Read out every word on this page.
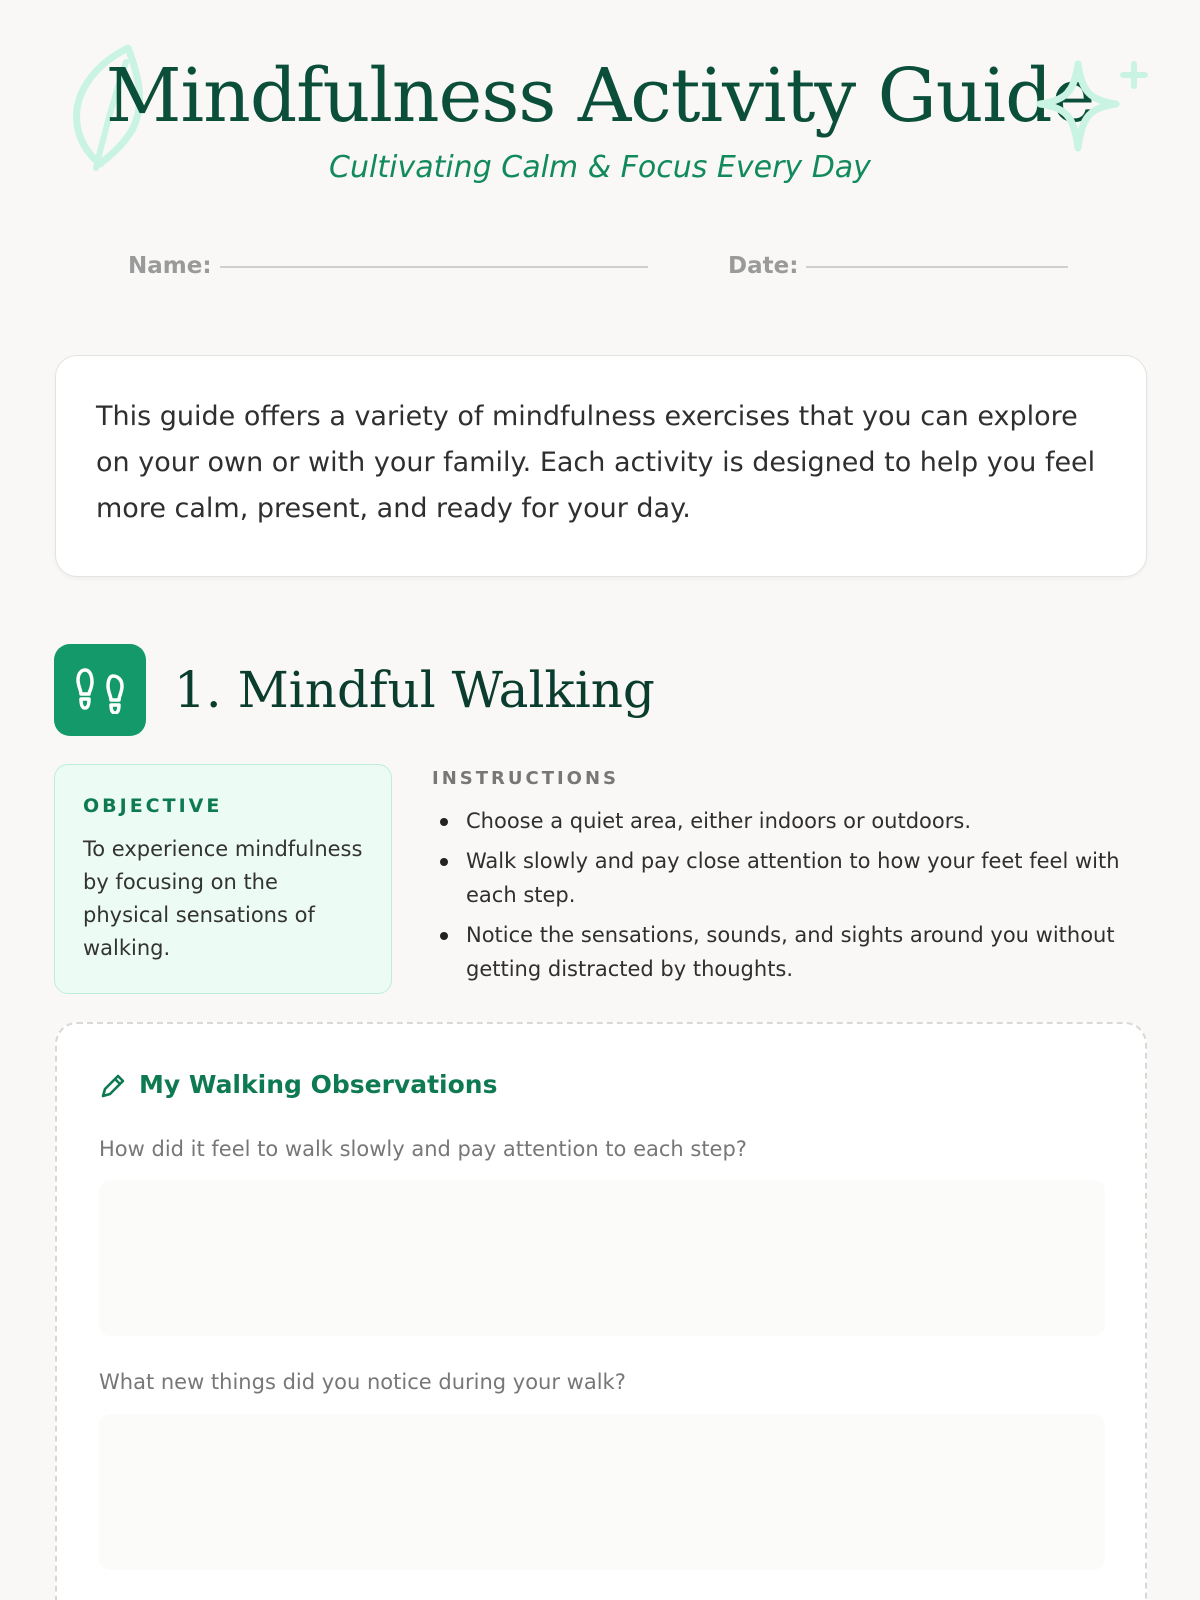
Mindfulness Activity Guide
Cultivating Calm & Focus Every Day
Name:	Date:

This guide offers a variety of mindfulness exercises that you can explore on your own or with your family. Each activity is designed to help you feel more calm, present, and ready for your day.

1. Mindful Walking
OBJECTIVE
To experience mindfulness by focusing on the physical sensations of walking.
INSTRUCTIONS
Choose a quiet area, either indoors or outdoors.
Walk slowly and pay close attention to how your feet feel with each step.
Notice the sensations, sounds, and sights around you without getting distracted by thoughts.
My Walking Observations
How did it feel to walk slowly and pay attention to each step?
What new things did you notice during your walk?
